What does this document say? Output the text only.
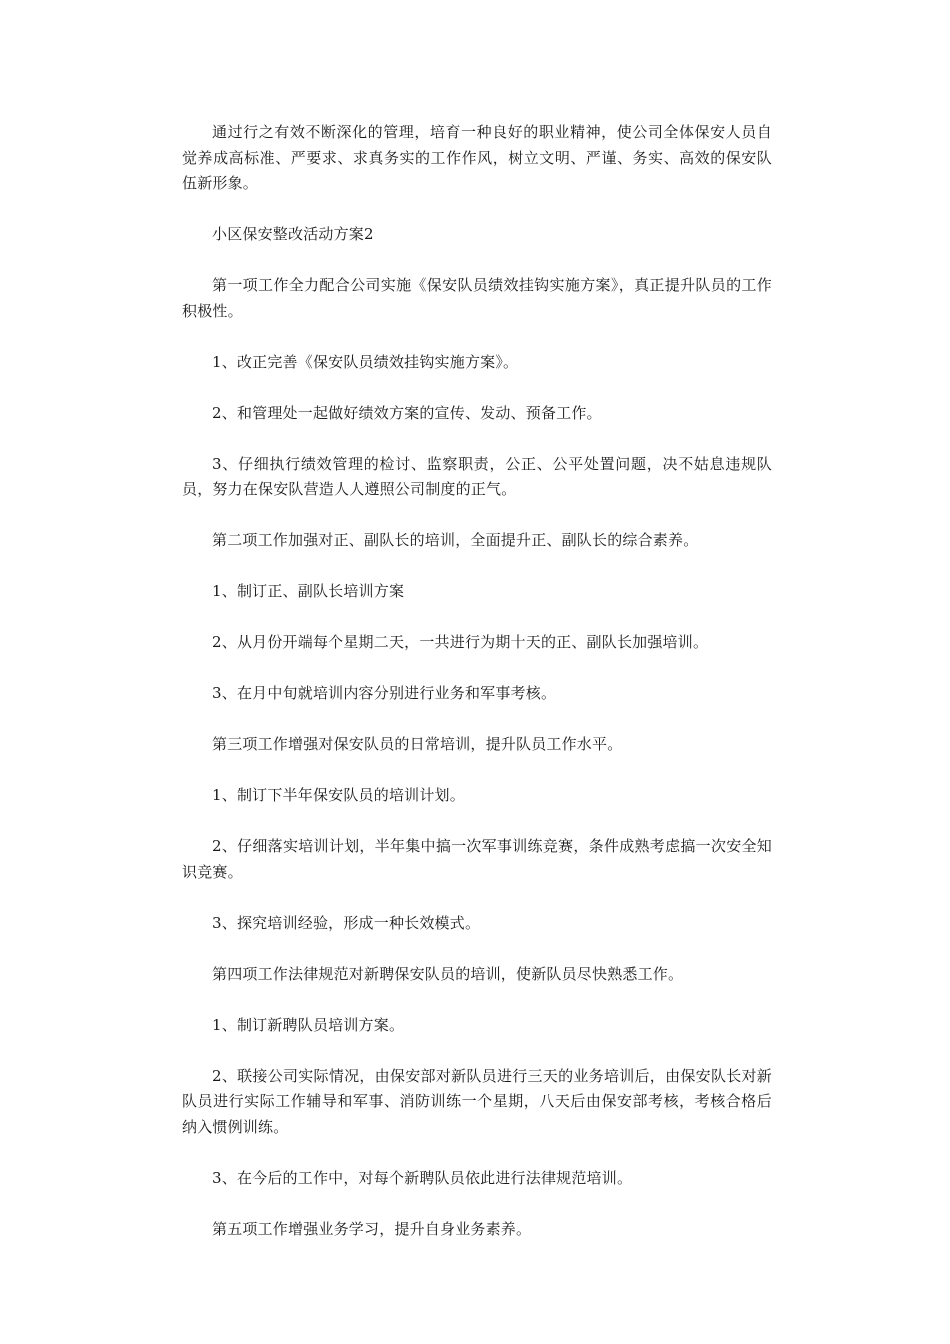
通过行之有效不断深化的管理，培育一种良好的职业精神，使公司全体保安人员自觉养成高标准、严要求、求真务实的工作作风，树立文明、严谨、务实、高效的保安队伍新形象。

小区保安整改活动方案2

第一项工作全力配合公司实施《保安队员绩效挂钩实施方案》，真正提升队员的工作积极性。

1、改正完善《保安队员绩效挂钩实施方案》。

2、和管理处一起做好绩效方案的宣传、发动、预备工作。

3、仔细执行绩效管理的检讨、监察职责，公正、公平处置问题，决不姑息违规队员，努力在保安队营造人人遵照公司制度的正气。

第二项工作加强对正、副队长的培训，全面提升正、副队长的综合素养。

1、制订正、副队长培训方案

2、从月份开端每个星期二天，一共进行为期十天的正、副队长加强培训。

3、在月中旬就培训内容分别进行业务和军事考核。

第三项工作增强对保安队员的日常培训，提升队员工作水平。

1、制订下半年保安队员的培训计划。

2、仔细落实培训计划，半年集中搞一次军事训练竞赛，条件成熟考虑搞一次安全知识竞赛。

3、探究培训经验，形成一种长效模式。

第四项工作法律规范对新聘保安队员的培训，使新队员尽快熟悉工作。

1、制订新聘队员培训方案。

2、联接公司实际情况，由保安部对新队员进行三天的业务培训后，由保安队长对新队员进行实际工作辅导和军事、消防训练一个星期，八天后由保安部考核，考核合格后纳入惯例训练。

3、在今后的工作中，对每个新聘队员依此进行法律规范培训。

第五项工作增强业务学习，提升自身业务素养。
